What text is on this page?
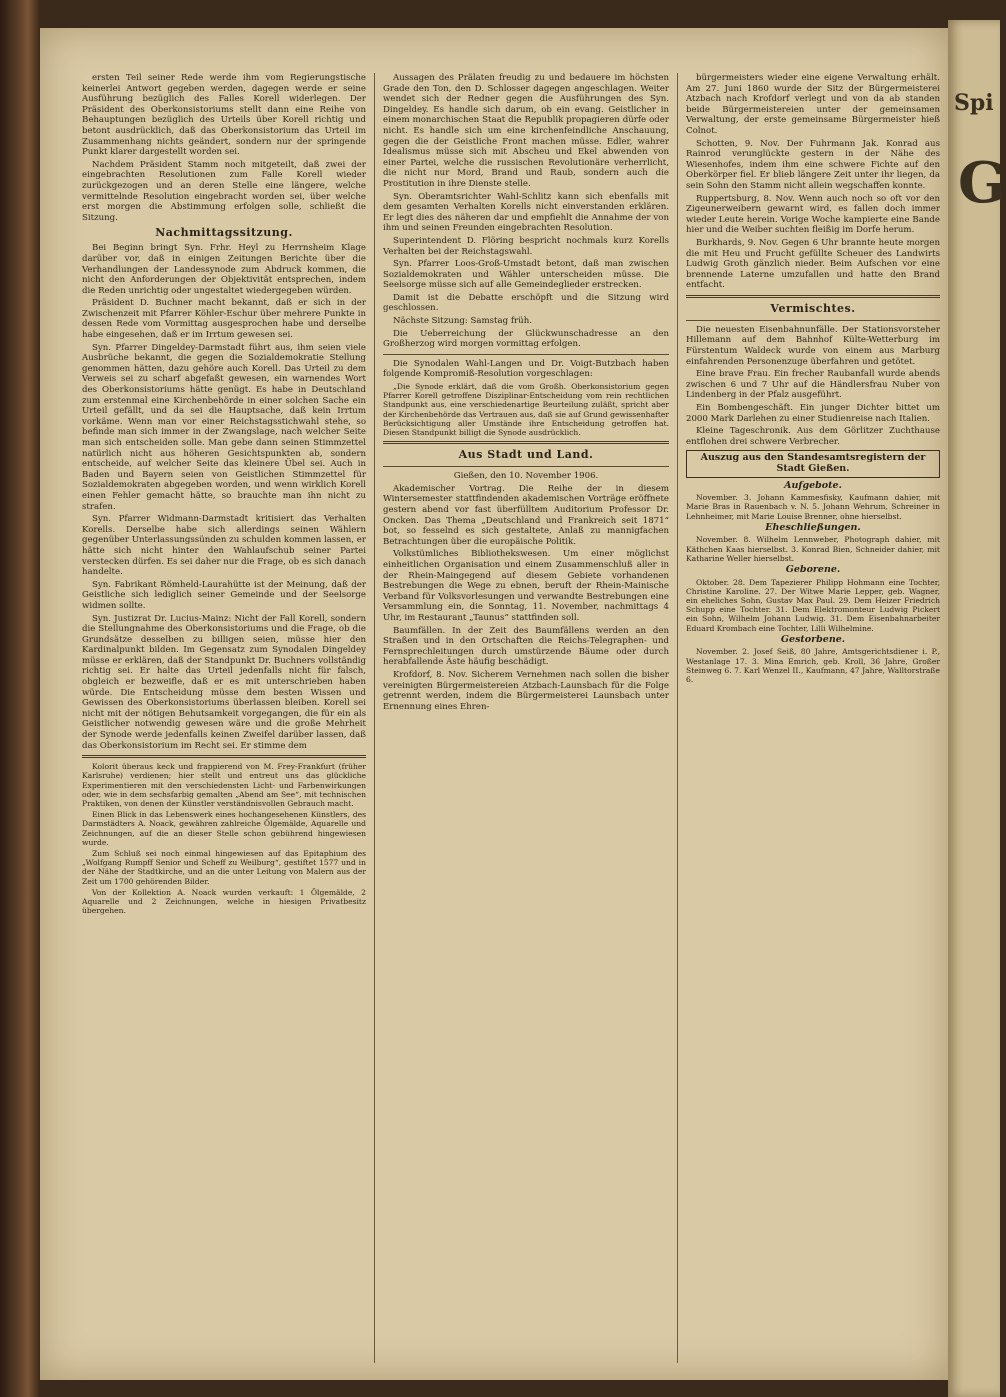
ersten Teil seiner Rede werde ihm vom Regierungstische keinerlei Antwort gegeben werden, dagegen werde er seine Ausführung bezüglich des Falles Korell widerlegen. Der Präsident des Oberkonsistoriums stellt dann eine Reihe von Behauptungen bezüglich des Urteils über Korell richtig und betont ausdrücklich, daß das Oberkonsistorium das Urteil im Zusammenhang nichts geändert, sondern nur der springende Punkt klarer dargestellt worden sei.

Nachdem Präsident Stamm noch mitgeteilt, daß zwei der eingebrachten Resolutionen zum Falle Korell wieder zurückgezogen und an deren Stelle eine längere, welche vermittelnde Resolution eingebracht worden sei, über welche erst morgen die Abstimmung erfolgen solle, schließt die Sitzung.

Nachmittagssitzung.

Bei Beginn bringt Syn. Frhr. Heyl zu Herrnsheim Klage darüber vor, daß in einigen Zeitungen Berichte über die Verhandlungen der Landessynode zum Abdruck kommen, die nicht den Anforderungen der Objektivität entsprechen, indem die Reden unrichtig oder ungestaltet wiedergegeben würden.

Präsident D. Buchner macht bekannt, daß er sich in der Zwischenzeit mit Pfarrer Köhler-Eschur über mehrere Punkte in dessen Rede vom Vormittag ausgesprochen habe und derselbe habe eingesehen, daß er im Irrtum gewesen sei.

Syn. Pfarrer Dingeldey-Darmstadt führt aus, ihm seien viele Ausbrüche bekannt, die gegen die Sozialdemokratie Stellung genommen hätten, dazu gehöre auch Korell. Das Urteil zu dem Verweis sei zu scharf abgefaßt gewesen, ein warnendes Wort des Oberkonsistoriums hätte genügt. Es habe in Deutschland zum erstenmal eine Kirchenbehörde in einer solchen Sache ein Urteil gefällt, und da sei die Hauptsache, daß kein Irrtum vorkäme. Wenn man vor einer Reichstagsstichwahl stehe, so befinde man sich immer in der Zwangslage, nach welcher Seite man sich entscheiden solle. Man gebe dann seinen Stimmzettel natürlich nicht aus höheren Gesichtspunkten ab, sondern entscheide, auf welcher Seite das kleinere Übel sei. Auch in Baden und Bayern seien von Geistlichen Stimmzettel für Sozialdemokraten abgegeben worden, und wenn wirklich Korell einen Fehler gemacht hätte, so brauchte man ihn nicht zu strafen.

Syn. Pfarrer Widmann-Darmstadt kritisiert das Verhalten Korells. Derselbe habe sich allerdings seinen Wählern gegenüber Unterlassungssünden zu schulden kommen lassen, er hätte sich nicht hinter den Wahlaufschub seiner Partei verstecken dürfen. Es sei daher nur die Frage, ob es sich danach handelte.

Syn. Fabrikant Römheld-Laurahütte ist der Meinung, daß der Geistliche sich lediglich seiner Gemeinde und der Seelsorge widmen sollte.

Syn. Justizrat Dr. Lucius-Mainz: Nicht der Fall Korell, sondern die Stellungnahme des Oberkonsistoriums und die Frage, ob die Grundsätze desselben zu billigen seien, müsse hier den Kardinalpunkt bilden. Im Gegensatz zum Synodalen Dingeldey müsse er erklären, daß der Standpunkt Dr. Buchners vollständig richtig sei. Er halte das Urteil jedenfalls nicht für falsch, obgleich er bezweifle, daß er es mit unterschrieben haben würde. Die Entscheidung müsse dem besten Wissen und Gewissen des Oberkonsistoriums überlassen bleiben. Korell sei nicht mit der nötigen Behutsamkeit vorgegangen, die für ein als Geistlicher notwendig gewesen wäre und die große Mehrheit der Synode werde jedenfalls keinen Zweifel darüber lassen, daß das Oberkonsistorium im Recht sei. Er stimme dem

Kolorit überaus keck und frappierend von M. Frey-Frankfurt (früher Karlsruhe) verdienen; hier stellt und entreut uns das glückliche Experimentieren mit den verschiedensten Licht- und Farbenwirkungen oder, wie in dem sechsfarbig gemalten „Abend am See“, mit technischen Praktiken, von denen der Künstler verständnisvollen Gebrauch macht.

Einen Blick in das Lebenswerk eines hochangesehenen Künstlers, des Darmstädters A. Noack, gewähren zahlreiche Ölgemälde, Aquarelle und Zeichnungen, auf die an dieser Stelle schon gebührend hingewiesen wurde.

Zum Schluß sei noch einmal hingewiesen auf das Epitaphium des „Wolfgang Rumpff Senior und Scheff zu Weilburg“, gestiftet 1577 und in der Nähe der Stadtkirche, und an die unter Leitung von Malern aus der Zeit um 1700 gehörenden Bilder.

Von der Kollektion A. Noack wurden verkauft: 1 Ölgemälde, 2 Aquarelle und 2 Zeichnungen, welche in hiesigen Privatbesitz übergehen.

Aussagen des Prälaten freudig zu und bedauere im höchsten Grade den Ton, den D. Schlosser dagegen angeschlagen. Weiter wendet sich der Redner gegen die Ausführungen des Syn. Dingeldey. Es handle sich darum, ob ein evang. Geistlicher in einem monarchischen Staat die Republik propagieren dürfe oder nicht. Es handle sich um eine kirchenfeindliche Anschauung, gegen die der Geistliche Front machen müsse. Edler, wahrer Idealismus müsse sich mit Abscheu und Ekel abwenden von einer Partei, welche die russischen Revolutionäre verherrlicht, die nicht nur Mord, Brand und Raub, sondern auch die Prostitution in ihre Dienste stelle.

Syn. Oberamtsrichter Wahl-Schlitz kann sich ebenfalls mit dem gesamten Verhalten Korells nicht einverstanden erklären. Er legt dies des näheren dar und empfiehlt die Annahme der von ihm und seinen Freunden eingebrachten Resolution.

Superintendent D. Flöring bespricht nochmals kurz Korells Verhalten bei der Reichstagswahl.

Syn. Pfarrer Loos-Groß-Umstadt betont, daß man zwischen Sozialdemokraten und Wähler unterscheiden müsse. Die Seelsorge müsse sich auf alle Gemeindeglieder erstrecken.

Damit ist die Debatte erschöpft und die Sitzung wird geschlossen.

Nächste Sitzung: Samstag früh.

Die Ueberreichung der Glückwunschadresse an den Großherzog wird morgen vormittag erfolgen.

Die Synodalen Wahl-Langen und Dr. Voigt-Butzbach haben folgende Kompromiß-Resolution vorgeschlagen:

„Die Synode erklärt, daß die vom Großh. Oberkonsistorium gegen Pfarrer Korell getroffene Disziplinar-Entscheidung vom rein rechtlichen Standpunkt aus, eine verschiedenartige Beurteilung zuläßt, spricht aber der Kirchenbehörde das Vertrauen aus, daß sie auf Grund gewissenhafter Berücksichtigung aller Umstände ihre Entscheidung getroffen hat. Diesen Standpunkt billigt die Synode ausdrücklich.

Aus Stadt und Land.

Gießen, den 10. November 1906.

Akademischer Vortrag. Die Reihe der in diesem Wintersemester stattfindenden akademischen Vorträge eröffnete gestern abend vor fast überfülltem Auditorium Professor Dr. Oncken. Das Thema „Deutschland und Frankreich seit 1871“ bot, so fesselnd es sich gestaltete, Anlaß zu mannigfachen Betrachtungen über die europäische Politik.

Volkstümliches Bibliothekswesen. Um einer möglichst einheitlichen Organisation und einem Zusammenschluß aller in der Rhein-Maingegend auf diesem Gebiete vorhandenen Bestrebungen die Wege zu ebnen, beruft der Rhein-Mainische Verband für Volksvorlesungen und verwandte Bestrebungen eine Versammlung ein, die Sonntag, 11. November, nachmittags 4 Uhr, im Restaurant „Taunus“ stattfinden soll.

Baumfällen. In der Zeit des Baumfällens werden an den Straßen und in den Ortschaften die Reichs-Telegraphen- und Fernsprechleitungen durch umstürzende Bäume oder durch herabfallende Äste häufig beschädigt.

Krofdorf, 8. Nov. Sicherem Vernehmen nach sollen die bisher vereinigten Bürgermeistereien Atzbach-Launsbach für die Folge getrennt werden, indem die Bürgermeisterei Launsbach unter Ernennung eines Ehren-

bürgermeisters wieder eine eigene Verwaltung erhält. Am 27. Juni 1860 wurde der Sitz der Bürgermeisterei Atzbach nach Krofdorf verlegt und von da ab standen beide Bürgermeistereien unter der gemeinsamen Verwaltung, der erste gemeinsame Bürgermeister hieß Colnot.

Schotten, 9. Nov. Der Fuhrmann Jak. Konrad aus Rainrod verunglückte gestern in der Nähe des Wiesenhofes, indem ihm eine schwere Fichte auf den Oberkörper fiel. Er blieb längere Zeit unter ihr liegen, da sein Sohn den Stamm nicht allein wegschaffen konnte.

Ruppertsburg, 8. Nov. Wenn auch noch so oft vor den Zigeunerweibern gewarnt wird, es fallen doch immer wieder Leute herein. Vorige Woche kampierte eine Bande hier und die Weiber suchten fleißig im Dorfe herum.

Burkhards, 9. Nov. Gegen 6 Uhr brannte heute morgen die mit Heu und Frucht gefüllte Scheuer des Landwirts Ludwig Groth gänzlich nieder. Beim Aufschen vor eine brennende Laterne umzufallen und hatte den Brand entfacht.

Vermischtes.

Die neuesten Eisenbahnunfälle. Der Stationsvorsteher Hillemann auf dem Bahnhof Külte-Wetterburg im Fürstentum Waldeck wurde von einem aus Marburg einfahrenden Personenzuge überfahren und getötet.

Eine brave Frau. Ein frecher Raubanfall wurde abends zwischen 6 und 7 Uhr auf die Händlersfrau Nuber von Lindenberg in der Pfalz ausgeführt.

Ein Bombengeschäft. Ein junger Dichter bittet um 2000 Mark Darlehen zu einer Studienreise nach Italien.

Kleine Tageschronik. Aus dem Görlitzer Zuchthause entflohen drei schwere Verbrecher.

Auszug aus den Standesamtsregistern der Stadt Gießen.
Aufgebote.

November. 3. Johann Kammesfisky, Kaufmann dahier, mit Marie Bras in Rauenbach v. N. 5. Johann Wehrum, Schreiner in Lehnheimer, mit Marie Louise Brenner, ohne hierselbst.

Eheschließungen.

November. 8. Wilhelm Lennweber, Photograph dahier, mit Käthchen Kaas hierselbst. 3. Konrad Bien, Schneider dahier, mit Katharine Weller hierselbst.

Geborene.

Oktober. 28. Dem Tapezierer Philipp Hohmann eine Tochter, Christine Karoline. 27. Der Witwe Marie Lepper, geb. Wagner, ein eheliches Sohn, Gustav Max Paul. 29. Dem Heizer Friedrich Schupp eine Tochter. 31. Dem Elektromonteur Ludwig Pickert ein Sohn, Wilhelm Johann Ludwig. 31. Dem Eisenbahnarbeiter Eduard Krombach eine Tochter, Lilli Wilhelmine.

Gestorbene.

November. 2. Josef Seiß, 80 Jahre, Amtsgerichtsdiener i. P., Westanlage 17. 3. Mina Emrich, geb. Kroll, 36 Jahre, Großer Steinweg 6. 7. Karl Wenzel II., Kaufmann, 47 Jahre, Walltorstraße 6.

Spi
G
